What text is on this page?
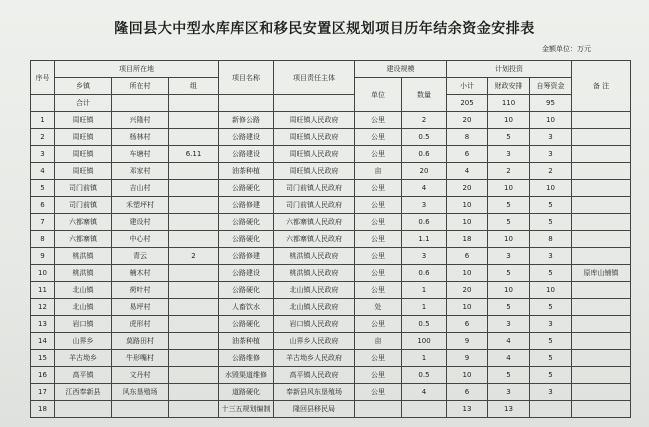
隆回县大中型水库库区和移民安置区规划项目历年结余资金安排表
金额单位：万元
序号	项目所在地			项目名称	项目责任主体	建设规模		计划投资			备 注
	乡镇	所在村	组			单位	数量	小计	财政安排	自筹资金	
	合计							205	110	95	
1	周旺镇	兴隆村		新修公路	周旺镇人民政府	公里	2	20	10	10	
2	周旺镇	杨林村		公路建设	周旺镇人民政府	公里	0.5	8	5	3	
3	周旺镇	车塘村	6.11	公路建设	周旺镇人民政府	公里	0.6	6	3	3	
4	周旺镇	邓家村		油茶种植	周旺镇人民政府	亩	20	4	2	2	
5	司门前镇	吉山村		公路硬化	司门前镇人民政府	公里	4	20	10	10	
6	司门前镇	禾塑坪村		公路修建	司门前镇人民政府	公里	3	10	5	5	
7	六都寨镇	建设村		公路硬化	六都寨镇人民政府	公里	0.6	10	5	5	
8	六都寨镇	中心村		公路硬化	六都寨镇人民政府	公里	1.1	18	10	8	
9	桃洪镇	青云	2	公路修建	桃洪镇人民政府	公里	3	6	3	3	
10	桃洪镇	楠木村		公路建设	桃洪镇人民政府	公里	0.6	10	5	5	原库山铺镇
11	北山镇	荷叶村		公路硬化	北山镇人民政府	公里	1	20	10	10	
12	北山镇	易坪村		人畜饮水	北山镇人民政府	处	1	10	5	5	
13	岩口镇	虎形村		公路硬化	岩口镇人民政府	公里	0.5	6	3	3	
14	山界乡	莫路田村		油茶种植	山界乡人民政府	亩	100	9	4	5	
15	羊古坳乡	牛形嘴村		公路维修	羊古坳乡人民政府	公里	1	9	4	5	
16	高平镇	文丹村		水毁渠道维修	高平镇人民政府	公里	0.5	10	5	5	
17	江西奉新县	风东垦殖场		道路硬化	奉新县风东垦殖场	公里	4	6	3	3	
18				十三五规划编制	隆回县移民局			13	13		
